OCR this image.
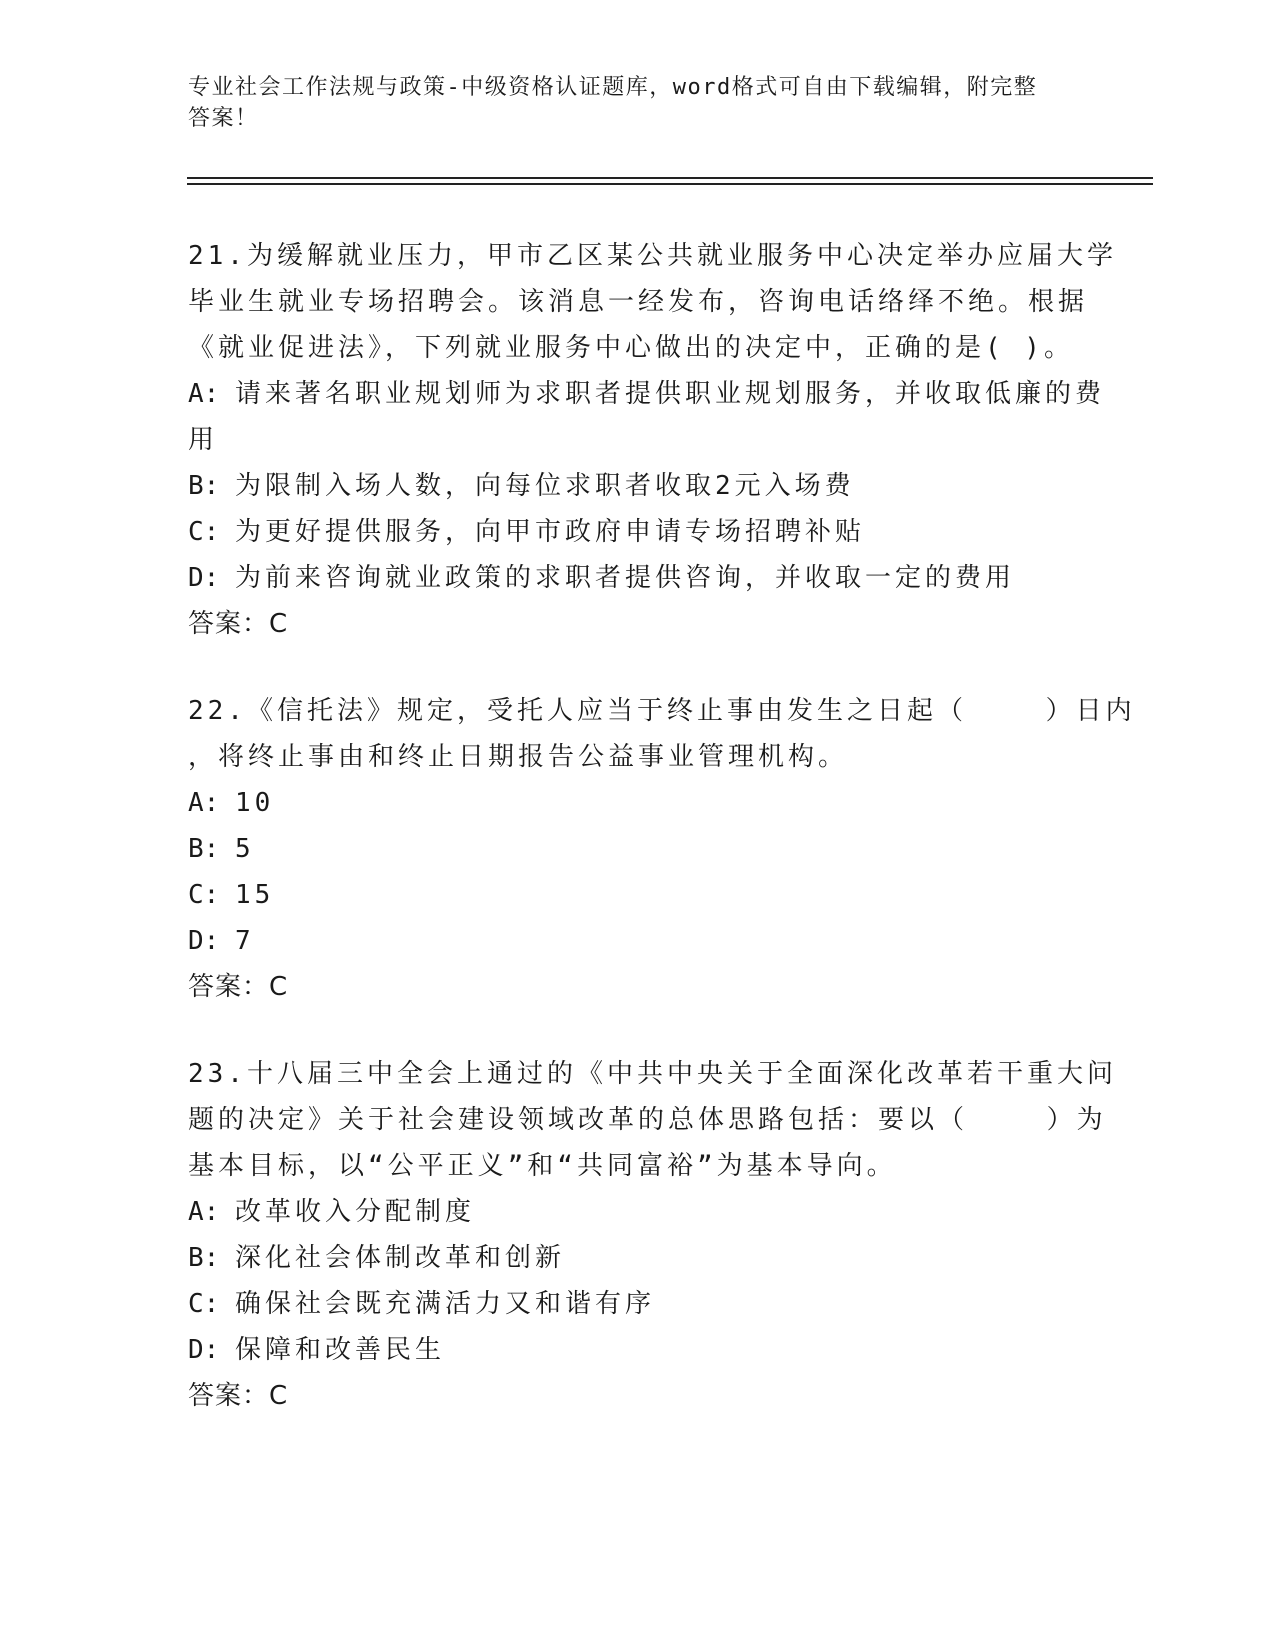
专业社会工作法规与政策-中级资格认证题库，word格式可自由下载编辑，附完整
答案！

21.为缓解就业压力，甲市乙区某公共就业服务中心决定举办应届大学

毕业生就业专场招聘会。该消息一经发布，咨询电话络绎不绝。根据

《就业促进法》，下列就业服务中心做出的决定中，正确的是( )。

A: 请来著名职业规划师为求职者提供职业规划服务，并收取低廉的费

用

B: 为限制入场人数，向每位求职者收取2元入场费

C: 为更好提供服务，向甲市政府申请专场招聘补贴

D: 为前来咨询就业政策的求职者提供咨询，并收取一定的费用

答案：C

22.《信托法》规定，受托人应当于终止事由发生之日起（    ）日内

，将终止事由和终止日期报告公益事业管理机构。

A: 10

B: 5

C: 15

D: 7

答案：C

23.十八届三中全会上通过的《中共中央关于全面深化改革若干重大问

题的决定》关于社会建设领域改革的总体思路包括：要以（    ）为

基本目标，以“公平正义”和“共同富裕”为基本导向。

A: 改革收入分配制度

B: 深化社会体制改革和创新

C: 确保社会既充满活力又和谐有序

D: 保障和改善民生

答案：C
